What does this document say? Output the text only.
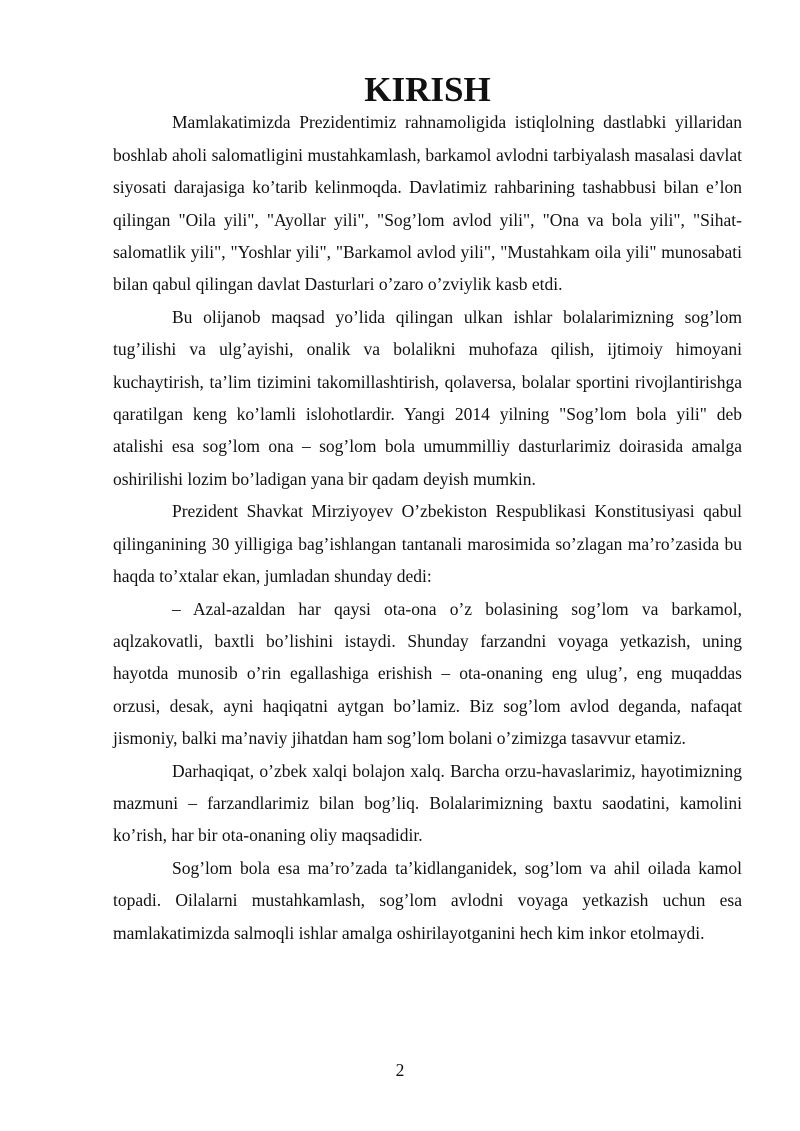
KIRISH

Mamlakatimizda Prezidentimiz rahnamoligida istiqlolning dastlabki yillaridan boshlab aholi salomatligini mustahkamlash, barkamol avlodni tarbiyalash masalasi davlat siyosati darajasiga ko’tarib kelinmoqda. Davlatimiz rahbarining tashabbusi bilan e’lon qilingan "Oila yili", "Ayollar yili", "Sog’lom avlod yili", "Ona va bola yili", "Sihat-salomatlik yili", "Yoshlar yili", "Barkamol avlod yili", "Mustahkam oila yili" munosabati bilan qabul qilingan davlat Dasturlari o’zaro o’zviylik kasb etdi.

Bu olijanob maqsad yo’lida qilingan ulkan ishlar bolalarimizning sog’lom tug’ilishi va ulg’ayishi, onalik va bolalikni muhofaza qilish, ijtimoiy himoyani kuchaytirish, ta’lim tizimini takomillashtirish, qolaversa, bolalar sportini rivojlantirishga qaratilgan keng ko’lamli islohotlardir. Yangi 2014 yilning "Sog’lom bola yili" deb atalishi esa sog’lom ona – sog’lom bola umummilliy dasturlarimiz doirasida amalga oshirilishi lozim bo’ladigan yana bir qadam deyish mumkin.

Prezident Shavkat Mirziyoyev O’zbekiston Respublikasi Konstitusiyasi qabul qilinganining 30 yilligiga bag’ishlangan tantanali marosimida so’zlagan ma’ro’zasida bu haqda to’xtalar ekan, jumladan shunday dedi:

– Azal-azaldan har qaysi ota-ona o’z bolasining sog’lom va barkamol, aqlzakovatli, baxtli bo’lishini istaydi. Shunday farzandni voyaga yetkazish, uning hayotda munosib o’rin egallashiga erishish – ota-onaning eng ulug’, eng muqaddas orzusi, desak, ayni haqiqatni aytgan bo’lamiz. Biz sog’lom avlod deganda, nafaqat jismoniy, balki ma’naviy jihatdan ham sog’lom bolani o’zimizga tasavvur etamiz.

Darhaqiqat, o’zbek xalqi bolajon xalq. Barcha orzu-havaslarimiz, hayotimizning mazmuni – farzandlarimiz bilan bog’liq. Bolalarimizning baxtu saodatini, kamolini ko’rish, har bir ota-onaning oliy maqsadidir.

Sog’lom bola esa ma’ro’zada ta’kidlanganidek, sog’lom va ahil oilada kamol topadi. Oilalarni mustahkamlash, sog’lom avlodni voyaga yetkazish uchun esa mamlakatimizda salmoqli ishlar amalga oshirilayotganini hech kim inkor etolmaydi.

2
